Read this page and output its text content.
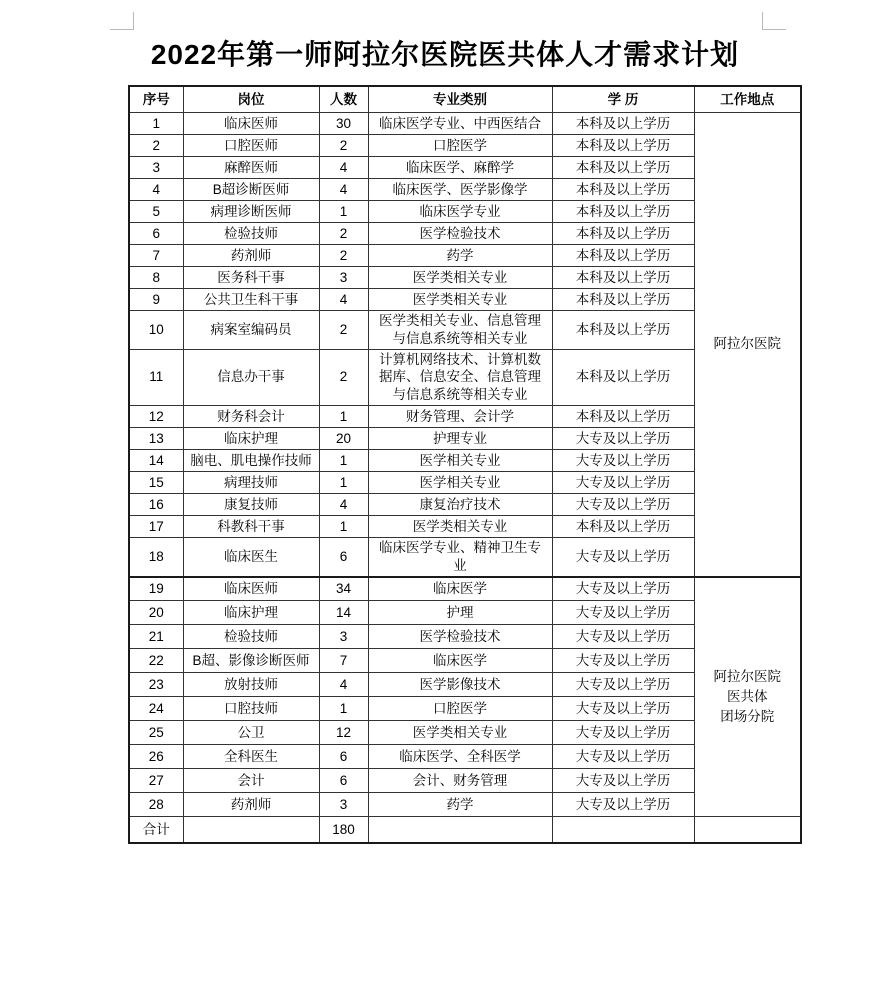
2022年第一师阿拉尔医院医共体人才需求计划
序号	岗位	人数	专业类别	学 历	工作地点
1	临床医师	30	临床医学专业、中西医结合	本科及以上学历	阿拉尔医院

2	口腔医师	2	口腔医学	本科及以上学历	
3	麻醉医师	4	临床医学、麻醉学	本科及以上学历	
4	B超诊断医师	4	临床医学、医学影像学	本科及以上学历	
5	病理诊断医师	1	临床医学专业	本科及以上学历	
6	检验技师	2	医学检验技术	本科及以上学历	
7	药剂师	2	药学	本科及以上学历	
8	医务科干事	3	医学类相关专业	本科及以上学历	
9	公共卫生科干事	4	医学类相关专业	本科及以上学历	
10	病案室编码员	2	医学类相关专业、信息管理与信息系统等相关专业	本科及以上学历	
11	信息办干事	2	计算机网络技术、计算机数据库、信息安全、信息管理与信息系统等相关专业	本科及以上学历	
12	财务科会计	1	财务管理、会计学	本科及以上学历	
13	临床护理	20	护理专业	大专及以上学历	
14	脑电、肌电操作技师	1	医学相关专业	大专及以上学历	
15	病理技师	1	医学相关专业	大专及以上学历	
16	康复技师	4	康复治疗技术	大专及以上学历	
17	科教科干事	1	医学类相关专业	本科及以上学历	
18	临床医生	6	临床医学专业、精神卫生专业	大专及以上学历	
19	临床医师	34	临床医学	大专及以上学历	阿拉尔医院
医共体
团场分院

20	临床护理	14	护理	大专及以上学历	
21	检验技师	3	医学检验技术	大专及以上学历	
22	B超、影像诊断医师	7	临床医学	大专及以上学历	
23	放射技师	4	医学影像技术	大专及以上学历	
24	口腔技师	1	口腔医学	大专及以上学历	
25	公卫	12	医学类相关专业	大专及以上学历	
26	全科医生	6	临床医学、全科医学	大专及以上学历	
27	会计	6	会计、财务管理	大专及以上学历	
28	药剂师	3	药学	大专及以上学历	
合计		180			
